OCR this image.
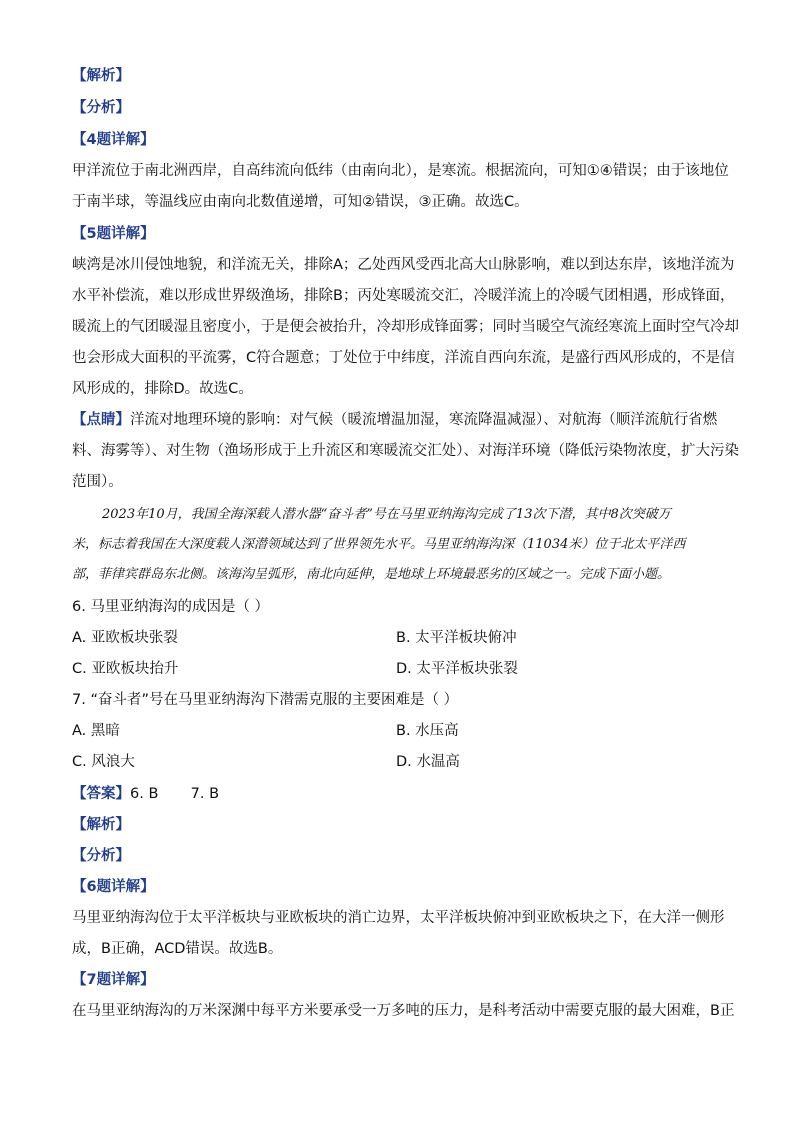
【解析】
【分析】
【4题详解】
甲洋流位于南北洲西岸，自高纬流向低纬（由南向北），是寒流。根据流向，可知①④错误；由于该地位
于南半球，等温线应由南向北数值递增，可知②错误，③正确。故选C。
【5题详解】
峡湾是冰川侵蚀地貌，和洋流无关，排除A；乙处西风受西北高大山脉影响，难以到达东岸，该地洋流为
水平补偿流，难以形成世界级渔场，排除B；丙处寒暖流交汇，冷暖洋流上的冷暖气团相遇，形成锋面，
暖流上的气团暖湿且密度小，于是便会被抬升，冷却形成锋面雾；同时当暖空气流经寒流上面时空气冷却
也会形成大面积的平流雾，C符合题意；丁处位于中纬度，洋流自西向东流，是盛行西风形成的，不是信
风形成的，排除D。故选C。
【点睛】洋流对地理环境的影响：对气候（暖流增温加湿，寒流降温减湿）、对航海（顺洋流航行省燃
料、海雾等）、对生物（渔场形成于上升流区和寒暖流交汇处）、对海洋环境（降低污染物浓度，扩大污染
范围）。
2023年10月，我国全海深载人潜水器“奋斗者”号在马里亚纳海沟完成了13次下潜，其中8次突破万
米，标志着我国在大深度载人深潜领域达到了世界领先水平。马里亚纳海沟深（11034米）位于北太平洋西
部，菲律宾群岛东北侧。该海沟呈弧形，南北向延伸，是地球上环境最恶劣的区域之一。完成下面小题。
6. 马里亚纳海沟的成因是（ ）
A. 亚欧板块张裂	B. 太平洋板块俯冲
C. 亚欧板块抬升	D. 太平洋板块张裂
7. “奋斗者”号在马里亚纳海沟下潜需克服的主要困难是（ ）
A. 黑暗	B. 水压高
C. 风浪大	D. 水温高
【答案】6. B       7. B
【解析】
【分析】
【6题详解】
马里亚纳海沟位于太平洋板块与亚欧板块的消亡边界，太平洋板块俯冲到亚欧板块之下，在大洋一侧形
成，B正确，ACD错误。故选B。
【7题详解】
在马里亚纳海沟的万米深渊中每平方米要承受一万多吨的压力，是科考活动中需要克服的最大困难，B正
